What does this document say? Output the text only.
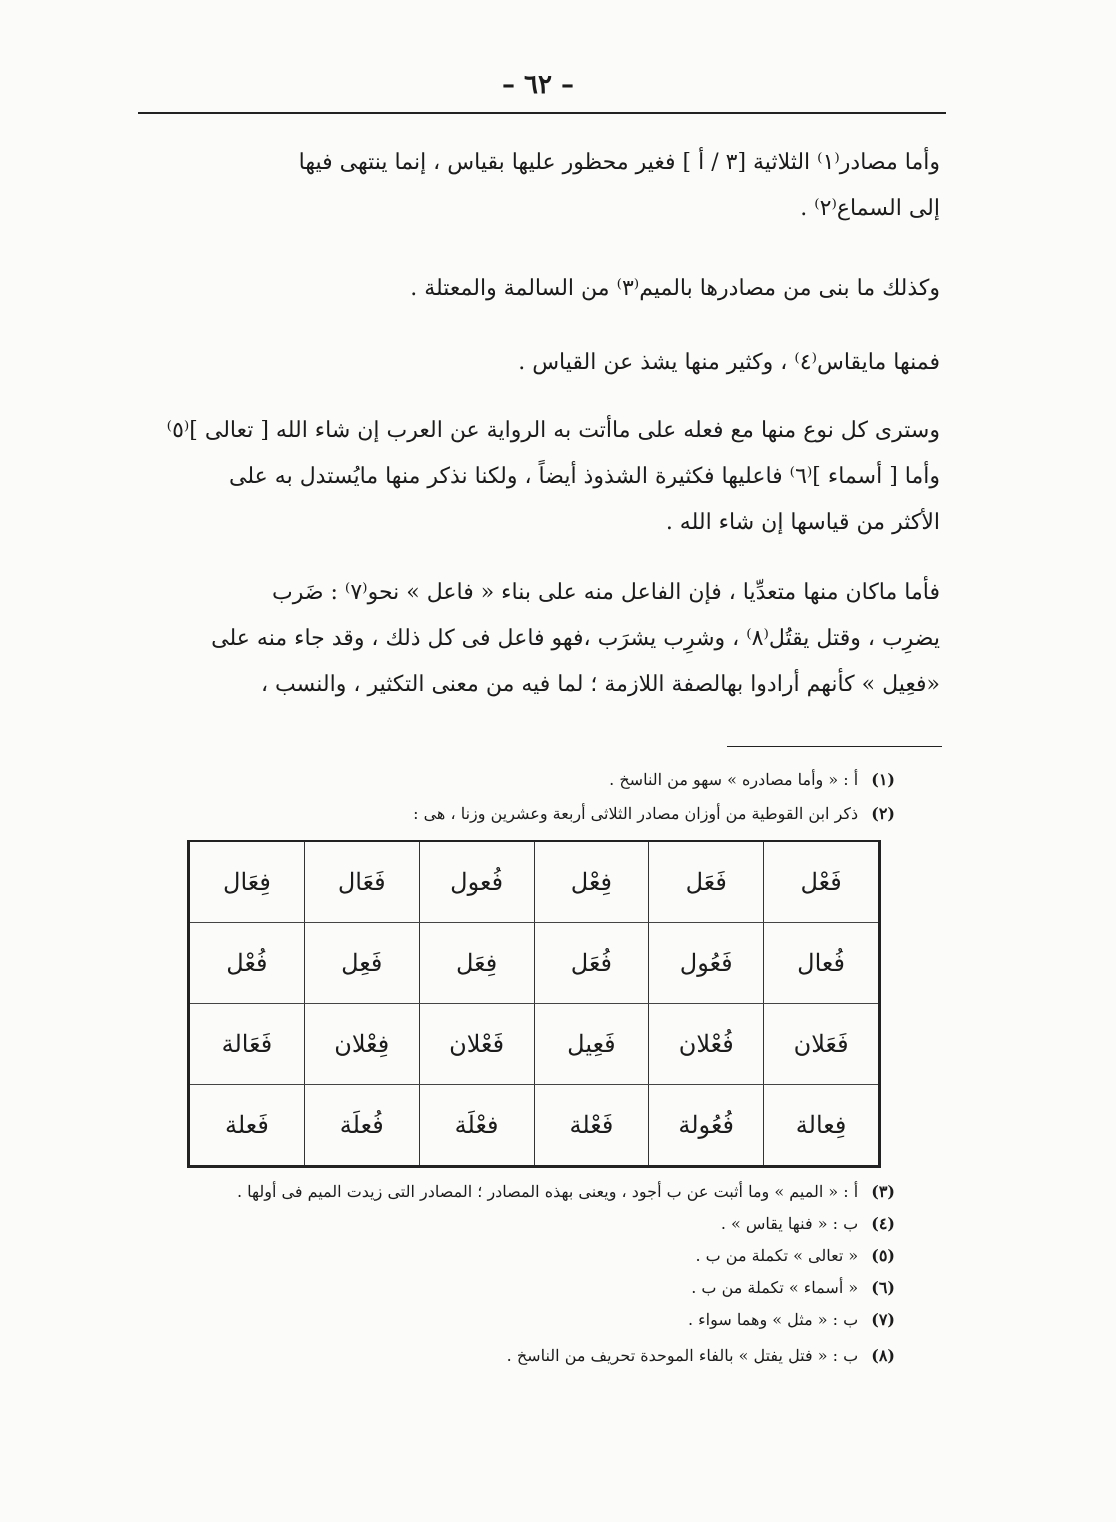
– ٦٢ –
وأما مصادر⁽١⁾ الثلاثية [٣ / أ ] فغير محظور عليها بقياس ، إنما ينتهى فيها
إلى السماع⁽٢⁾ .
وكذلك ما بنى من مصادرها بالميم⁽٣⁾ من السالمة والمعتلة .
فمنها مايقاس⁽٤⁾ ، وكثير منها يشذ عن القياس .
وسترى كل نوع منها مع فعله على ماأتت به الرواية عن العرب إن شاء الله [ تعالى ]⁽٥⁾
وأما [ أسماء ]⁽٦⁾ فاعليها فكثيرة الشذوذ أيضاً ، ولكنا نذكر منها مايُستدل به على
الأكثر من قياسها إن شاء الله .
فأما ماكان منها متعدِّيا ، فإن الفاعل منه على بناء « فاعل » نحو⁽٧⁾ : ضَرب
يضرِب ، وقتل يقتُل⁽٨⁾ ، وشرِب يشرَب ،فهو فاعل فى كل ذلك ، وقد جاء منه على
«فعِيل » كأنهم أرادوا بهالصفة اللازمة ؛ لما فيه من معنى التكثير ، والنسب ،
(١) أ : « وأما مصادره » سهو من الناسخ .
(٢) ذكر ابن القوطية من أوزان مصادر الثلاثى أربعة وعشرين وزنا ، هى :
فَعْل	فَعَل	فِعْل	فُعول	فَعَال	فِعَال
فُعال	فَعُول	فُعَل	فِعَل	فَعِل	فُعْل
فَعَلان	فُعْلان	فَعِيل	فَعْلان	فِعْلان	فَعَالة
فِعالة	فُعُولة	فَعْلة	فعْلَة	فُعلَة	فَعلة
(٣) أ : « الميم » وما أثبت عن ب أجود ، ويعنى بهذه المصادر ؛ المصادر التى زيدت الميم فى أولها .
(٤) ب : « فنها يقاس » .
(٥) « تعالى » تكملة من ب .
(٦) « أسماء » تكملة من ب .
(٧) ب : « مثل » وهما سواء .
(٨) ب : « فتل يفتل » بالفاء الموحدة تحريف من الناسخ .
